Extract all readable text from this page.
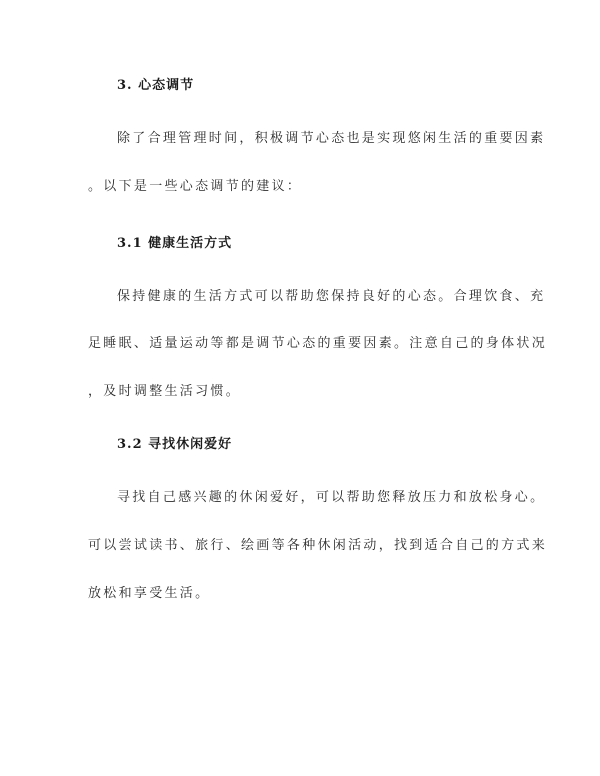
3. 心态调节
除了合理管理时间，积极调节心态也是实现悠闲生活的重要因素
。以下是一些心态调节的建议：
3.1 健康生活方式
保持健康的生活方式可以帮助您保持良好的心态。合理饮食、充
足睡眠、适量运动等都是调节心态的重要因素。注意自己的身体状况
，及时调整生活习惯。
3.2 寻找休闲爱好
寻找自己感兴趣的休闲爱好，可以帮助您释放压力和放松身心。
可以尝试读书、旅行、绘画等各种休闲活动，找到适合自己的方式来
放松和享受生活。
